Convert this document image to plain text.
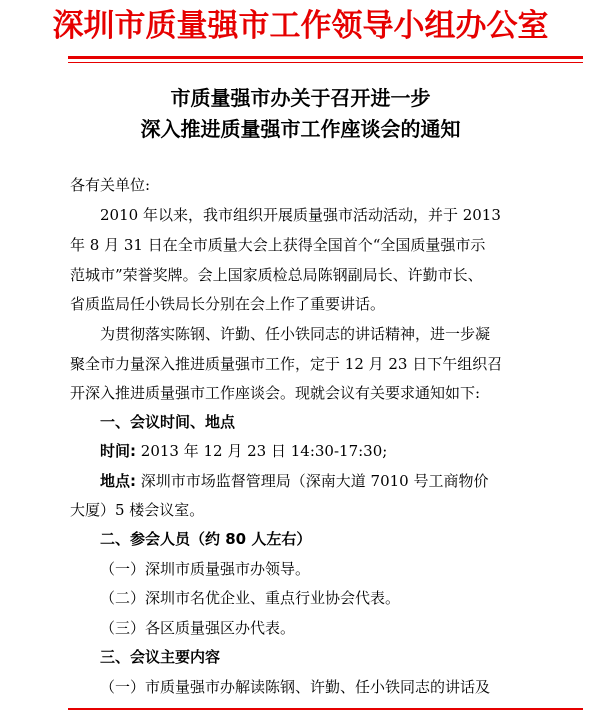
深圳市质量强市工作领导小组办公室
市质量强市办关于召开进一步
深入推进质量强市工作座谈会的通知
各有关单位:
2010 年以来，我市组织开展质量强市活动活动，并于 2013
年 8 月 31 日在全市质量大会上获得全国首个“全国质量强市示
范城市”荣誉奖牌。会上国家质检总局陈钢副局长、许勤市长、
省质监局任小铁局长分别在会上作了重要讲话。
为贯彻落实陈钢、许勤、任小铁同志的讲话精神，进一步凝
聚全市力量深入推进质量强市工作，定于 12 月 23 日下午组织召
开深入推进质量强市工作座谈会。现就会议有关要求通知如下:
一、会议时间、地点
时间: 2013 年 12 月 23 日 14:30-17:30;
地点: 深圳市市场监督管理局（深南大道 7010 号工商物价
大厦）5 楼会议室。
二、参会人员（约 80 人左右）
（一）深圳市质量强市办领导。
（二）深圳市名优企业、重点行业协会代表。
（三）各区质量强区办代表。
三、会议主要内容
（一）市质量强市办解读陈钢、许勤、任小铁同志的讲话及
